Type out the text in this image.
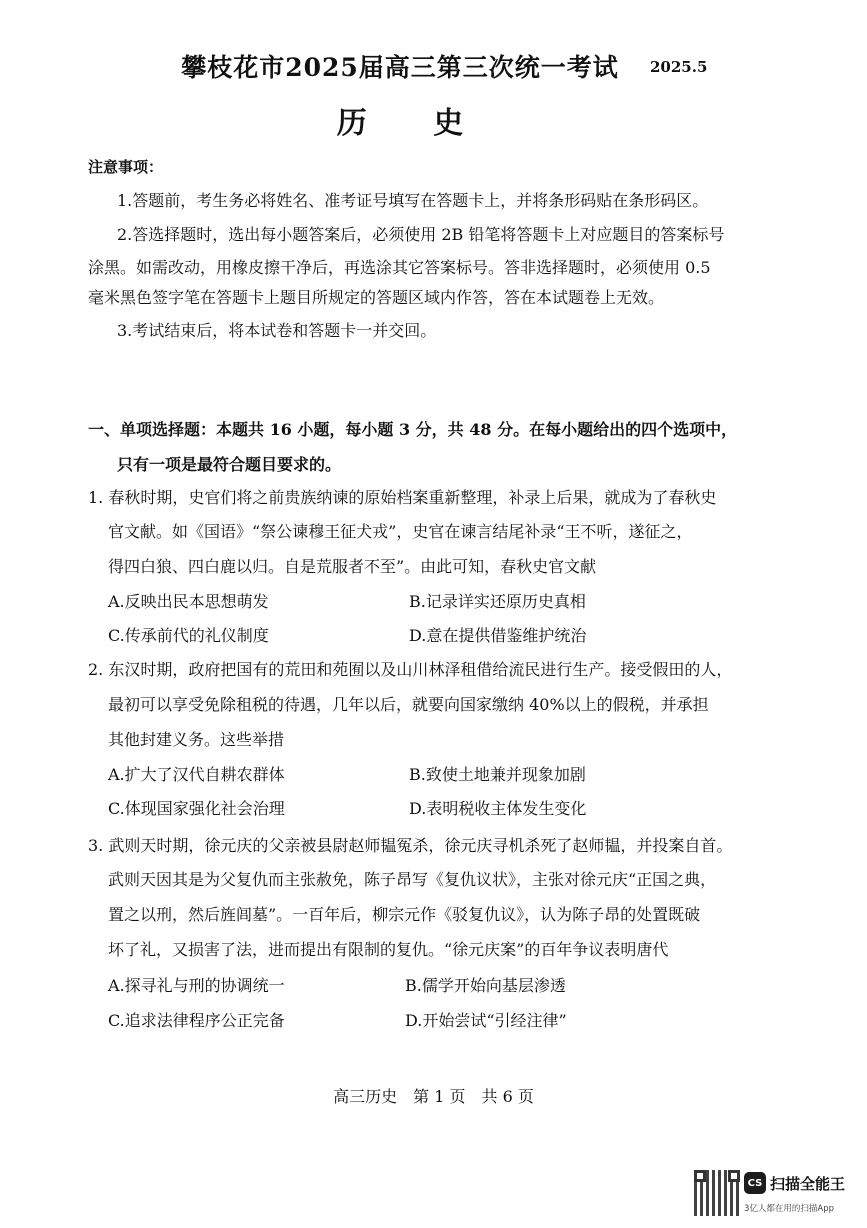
攀枝花市2025届高三第三次统一考试	2025.5
历 史
注意事项：
1.答题前，考生务必将姓名、准考证号填写在答题卡上，并将条形码贴在条形码区。
2.答选择题时，选出每小题答案后，必须使用 2B 铅笔将答题卡上对应题目的答案标号
涂黑。如需改动，用橡皮擦干净后，再选涂其它答案标号。答非选择题时，必须使用 0.5
毫米黑色签字笔在答题卡上题目所规定的答题区域内作答，答在本试题卷上无效。
3.考试结束后，将本试卷和答题卡一并交回。
一、单项选择题：本题共 16 小题，每小题 3 分，共 48 分。在每小题给出的四个选项中，
只有一项是最符合题目要求的。
1. 春秋时期，史官们将之前贵族纳谏的原始档案重新整理，补录上后果，就成为了春秋史
官文献。如《国语》“祭公谏穆王征犬戎”，史官在谏言结尾补录“王不听，遂征之，
得四白狼、四白鹿以归。自是荒服者不至”。由此可知，春秋史官文献
A.反映出民本思想萌发	B.记录详实还原历史真相
C.传承前代的礼仪制度	D.意在提供借鉴维护统治
2. 东汉时期，政府把国有的荒田和苑囿以及山川林泽租借给流民进行生产。接受假田的人，
最初可以享受免除租税的待遇，几年以后，就要向国家缴纳 40%以上的假税，并承担
其他封建义务。这些举措
A.扩大了汉代自耕农群体	B.致使土地兼并现象加剧
C.体现国家强化社会治理	D.表明税收主体发生变化
3. 武则天时期，徐元庆的父亲被县尉赵师韫冤杀，徐元庆寻机杀死了赵师韫，并投案自首。
武则天因其是为父复仇而主张赦免，陈子昂写《复仇议状》，主张对徐元庆“正国之典，
置之以刑，然后旌闾墓”。一百年后，柳宗元作《驳复仇议》，认为陈子昂的处置既破
坏了礼，又损害了法，进而提出有限制的复仇。“徐元庆案”的百年争议表明唐代
A.探寻礼与刑的协调统一	B.儒学开始向基层渗透
C.追求法律程序公正完备	D.开始尝试“引经注律”
高三历史　第 1 页　共 6 页
CS 扫描全能王
3亿人都在用的扫描App
